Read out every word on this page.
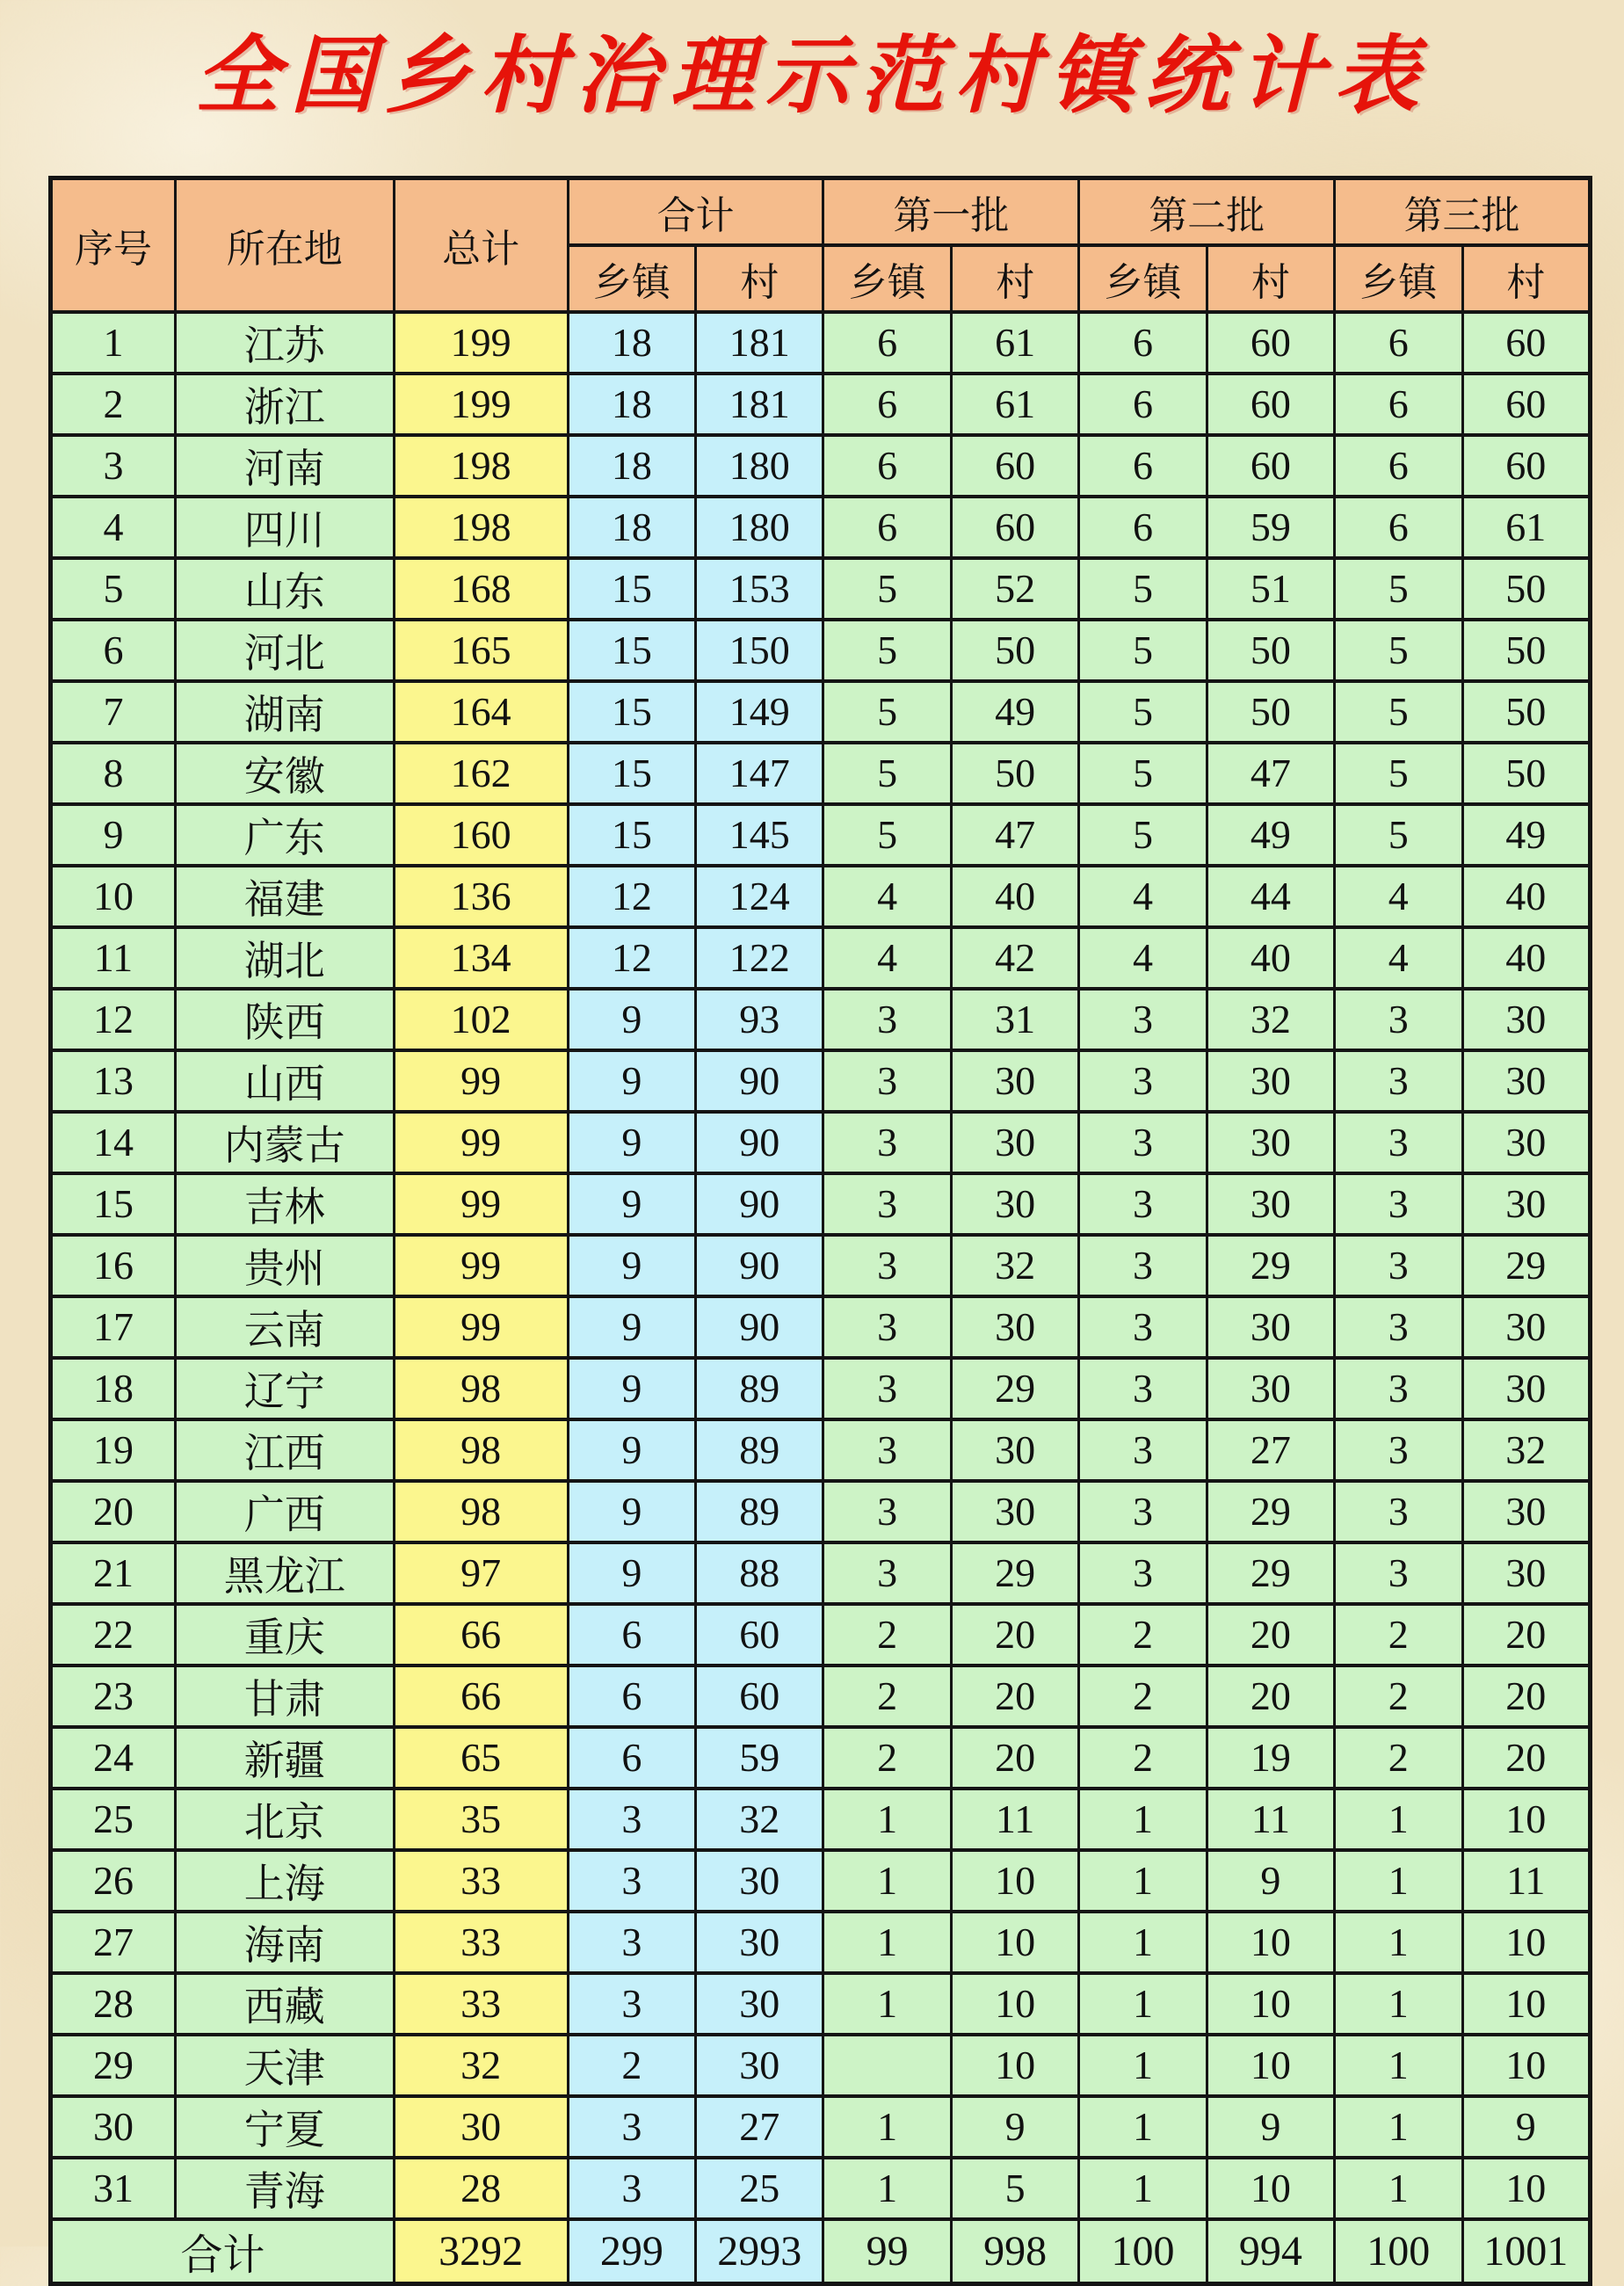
全国乡村治理示范村镇统计表
序号	所在地	总计	合计		第一批		第二批		第三批	
			乡镇	村	乡镇	村	乡镇	村	乡镇	村
1	江苏	199	18	181	6	61	6	60	6	60
2	浙江	199	18	181	6	61	6	60	6	60
3	河南	198	18	180	6	60	6	60	6	60
4	四川	198	18	180	6	60	6	59	6	61
5	山东	168	15	153	5	52	5	51	5	50
6	河北	165	15	150	5	50	5	50	5	50
7	湖南	164	15	149	5	49	5	50	5	50
8	安徽	162	15	147	5	50	5	47	5	50
9	广东	160	15	145	5	47	5	49	5	49
10	福建	136	12	124	4	40	4	44	4	40
11	湖北	134	12	122	4	42	4	40	4	40
12	陕西	102	9	93	3	31	3	32	3	30
13	山西	99	9	90	3	30	3	30	3	30
14	内蒙古	99	9	90	3	30	3	30	3	30
15	吉林	99	9	90	3	30	3	30	3	30
16	贵州	99	9	90	3	32	3	29	3	29
17	云南	99	9	90	3	30	3	30	3	30
18	辽宁	98	9	89	3	29	3	30	3	30
19	江西	98	9	89	3	30	3	27	3	32
20	广西	98	9	89	3	30	3	29	3	30
21	黑龙江	97	9	88	3	29	3	29	3	30
22	重庆	66	6	60	2	20	2	20	2	20
23	甘肃	66	6	60	2	20	2	20	2	20
24	新疆	65	6	59	2	20	2	19	2	20
25	北京	35	3	32	1	11	1	11	1	10
26	上海	33	3	30	1	10	1	9	1	11
27	海南	33	3	30	1	10	1	10	1	10
28	西藏	33	3	30	1	10	1	10	1	10
29	天津	32	2	30		10	1	10	1	10
30	宁夏	30	3	27	1	9	1	9	1	9
31	青海	28	3	25	1	5	1	10	1	10
合计		3292	299	2993	99	998	100	994	100	1001
